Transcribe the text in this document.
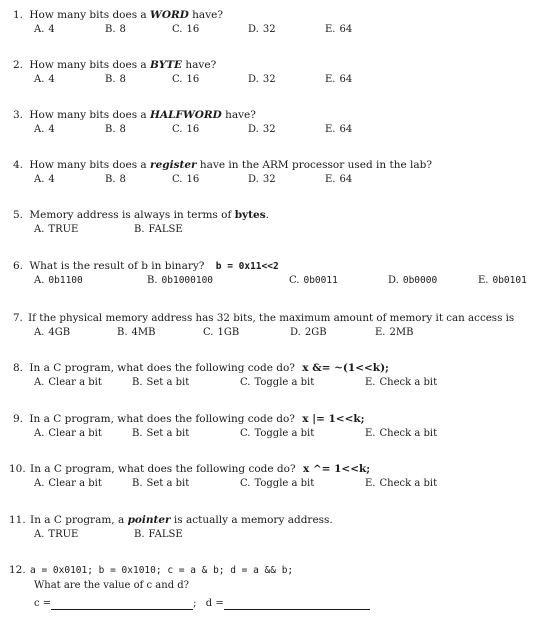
1. How many bits does a WORD have?
A. 4	B. 8	C. 16	D. 32	E. 64
2. How many bits does a BYTE have?
A. 4	B. 8	C. 16	D. 32	E. 64
3. How many bits does a HALFWORD have?
A. 4	B. 8	C. 16	D. 32	E. 64
4. How many bits does a register have in the ARM processor used in the lab?
A. 4	B. 8	C. 16	D. 32	E. 64
5. Memory address is always in terms of bytes.
A. TRUE	B. FALSE
6. What is the result of b in binary? b = 0x11<<2
A. 0b1100	B. 0b1000100	C. 0b0011	D. 0b0000	E. 0b0101
7. If the physical memory address has 32 bits, the maximum amount of memory it can access is
A. 4GB	B. 4MB	C. 1GB	D. 2GB	E. 2MB
8. In a C program, what does the following code do? x &= ~(1<<k);
A. Clear a bit	B. Set a bit	C. Toggle a bit	E. Check a bit
9. In a C program, what does the following code do? x |= 1<<k;
A. Clear a bit	B. Set a bit	C. Toggle a bit	E. Check a bit
10. In a C program, what does the following code do? x ^= 1<<k;
A. Clear a bit	B. Set a bit	C. Toggle a bit	E. Check a bit
11. In a C program, a pointer is actually a memory address.
A. TRUE	B. FALSE
12. a = 0x0101; b = 0x1010; c = a & b; d = a && b;
What are the value of c and d?
c =	; d =
